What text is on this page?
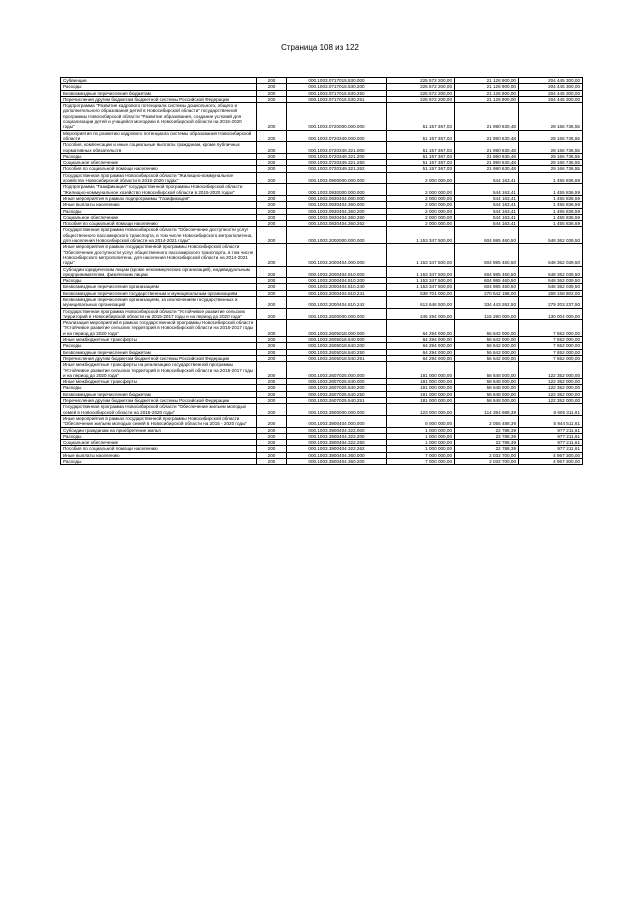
Страница 108 из 122
Субвенции	200	000.1003.0717015.530.000	225 572 200,00	21 126 900,00	204 445 300,00
Расходы	200	000.1003.0717015.530.200	225 572 200,00	21 126 900,00	204 445 300,00
Безвозмездные перечисления бюджетам	200	000.1003.0717015.530.250	225 572 200,00	21 126 900,00	204 445 300,00
Перечисления другим бюджетам бюджетной системы Российской Федерации	200	000.1003.0717015.530.251	225 572 200,00	21 126 900,00	204 445 300,00
Подпрограмма "Развитие кадрового потенциала системы дошкольного, общего и дополнительного образования детей в Новосибирской области" государственной программы Новосибирской области "Развитие образования, создание условий для социализации детей и учащейся молодежи в Новосибирской области на 2015-2020 годы"	200	000.1003.0720000.000.000	51 157 367,03	21 990 630,48	29 166 736,55
Мероприятия по развитию кадрового потенциала системы образования Новосибирской области	200	000.1003.0720349.000.000	51 157 367,03	21 990 630,48	29 166 736,55
Пособия, компенсации и иные социальные выплаты гражданам, кроме публичных нормативных обязательств	200	000.1003.0720349.321.000	51 157 367,03	21 990 630,48	29 166 736,55
Расходы	200	000.1003.0720349.321.200	51 157 367,03	21 990 630,48	29 166 736,55
Социальное обеспечение	200	000.1003.0720349.321.260	51 157 367,03	21 990 630,48	29 166 736,55
Пособия по социальной помощи населению	200	000.1003.0720349.321.262	51 157 367,03	21 990 630,48	29 166 736,55
Государственная программа Новосибирской области "Жилищно-коммунальное хозяйство Новосибирской области в 2015-2020 годах"	200	000.1003.0900000.000.000	2 000 000,00	544 163,41	1 455 836,59
Подпрограмма "Газификация" государственной программы Новосибирской области "Жилищно-коммунальное хозяйство Новосибирской области в 2015-2020 годах"	200	000.1003.0930000.000.000	2 000 000,00	544 163,41	1 455 836,59
Иные мероприятия в рамках подпрограммы "Газификация"	200	000.1003.0930404.000.000	2 000 000,00	544 163,41	1 455 836,59
Иные выплаты населению	200	000.1003.0930404.360.000	2 000 000,00	544 163,41	1 455 836,59
Расходы	200	000.1003.0930404.360.200	2 000 000,00	544 163,41	1 455 836,59
Социальное обеспечение	200	000.1003.0930404.360.260	2 000 000,00	544 163,41	1 455 836,59
Пособия по социальной помощи населению	200	000.1003.0930404.360.262	2 000 000,00	544 163,41	1 455 836,59
Государственная программа Новосибирской области "Обеспечение доступности услуг общественного пассажирского транспорта, в том числе Новосибирского метрополитена, для населения Новосибирской области на 2014-2021 годы"	200	000.1003.2000000.000.000	1 153 347 500,00	604 985 460,50	548 362 039,50
Иные мероприятия в рамках государственной программы Новосибирской области "Обеспечение доступности услуг общественного пассажирского транспорта, в том числе Новосибирского метрополитена, для населения Новосибирской области на 2014-2021 годы"	200	000.1003.2000404.000.000	1 153 347 500,00	604 985 460,50	548 362 039,50
Субсидии юридическим лицам (кроме некоммерческих организаций), индивидуальным предпринимателям, физическим лицам	200	000.1003.2000404.810.000	1 153 347 500,00	604 985 460,50	548 362 039,50
Расходы	200	000.1003.2000404.810.200	1 153 347 500,00	604 985 460,50	548 362 039,50
Безвозмездные перечисления организациям	200	000.1003.2000404.810.240	1 153 347 500,00	604 985 460,50	548 362 039,50
Безвозмездные перечисления государственным и муниципальным организациям	200	000.1003.2000404.810.241	539 701 000,00	270 542 198,00	269 158 802,00
Безвозмездные перечисления организациям, за исключением государственных и муниципальных организаций	200	000.1003.2000404.810.242	613 646 500,00	334 443 262,50	279 203 237,50
Государственная программа Новосибирской области "Устойчивое развитие сельских территорий в Новосибирской области на 2015-2017 годы и на период до 2020 года"	200	000.1003.2600000.000.000	245 294 000,00	115 290 000,00	130 004 000,00
Реализация мероприятий в рамках государственной программы Новосибирской области "Устойчивое развитие сельских территорий в Новосибирской области на 2015-2017 годы и на период до 2020 года"	200	000.1003.2605018.000.000	64 294 000,00	56 642 000,00	7 652 000,00
Иные межбюджетные трансферты	200	000.1003.2605018.540.000	64 294 000,00	56 642 000,00	7 652 000,00
Расходы	200	000.1003.2605018.540.200	64 294 000,00	56 642 000,00	7 652 000,00
Безвозмездные перечисления бюджетам	200	000.1003.2605018.540.250	64 294 000,00	56 642 000,00	7 652 000,00
Перечисления другим бюджетам бюджетной системы Российской Федерации	200	000.1003.2605018.540.251	64 294 000,00	56 642 000,00	7 652 000,00
Иные межбюджетные трансферты на реализацию государственной программы "Устойчивое развитие сельских территорий в Новосибирской области на 2015-2017 годы и на период до 2020 года"	200	000.1003.2607025.000.000	181 000 000,00	58 648 000,00	122 352 000,00
Иные межбюджетные трансферты	200	000.1003.2607025.540.000	181 000 000,00	58 648 000,00	122 352 000,00
Расходы	200	000.1003.2607025.540.200	181 000 000,00	58 648 000,00	122 352 000,00
Безвозмездные перечисления бюджетам	200	000.1003.2607025.540.250	181 000 000,00	58 648 000,00	122 352 000,00
Перечисления другим бюджетам бюджетной системы Российской Федерации	200	000.1003.2607025.540.251	181 000 000,00	58 648 000,00	122 352 000,00
Государственная программа Новосибирской области "Обеспечение жильем молодых семей в Новосибирской области на 2015-2020 годы"	200	000.1003.3900000.000.000	123 000 000,00	114 394 688,39	8 605 311,61
Иные мероприятия в рамках государственной программы Новосибирской области "Обеспечение жильем молодых семей в Новосибирской области на 2015 - 2020 годы"	200	000.1003.3900404.000.000	8 000 000,00	2 055 488,39	5 944 511,61
Субсидии гражданам на приобретение жилья	200	000.1003.3900404.322.000	1 000 000,00	22 788,39	977 211,61
Расходы	200	000.1003.3900404.322.200	1 000 000,00	22 788,39	977 211,61
Социальное обеспечение	200	000.1003.3900404.322.260	1 000 000,00	22 788,39	977 211,61
Пособия по социальной помощи населению	200	000.1003.3900404.322.262	1 000 000,00	22 788,39	977 211,61
Иные выплаты населению	200	000.1003.3900404.360.000	7 000 000,00	2 032 700,00	4 967 300,00
Расходы	200	000.1003.3900404.360.200	7 000 000,00	2 032 700,00	4 967 300,00
